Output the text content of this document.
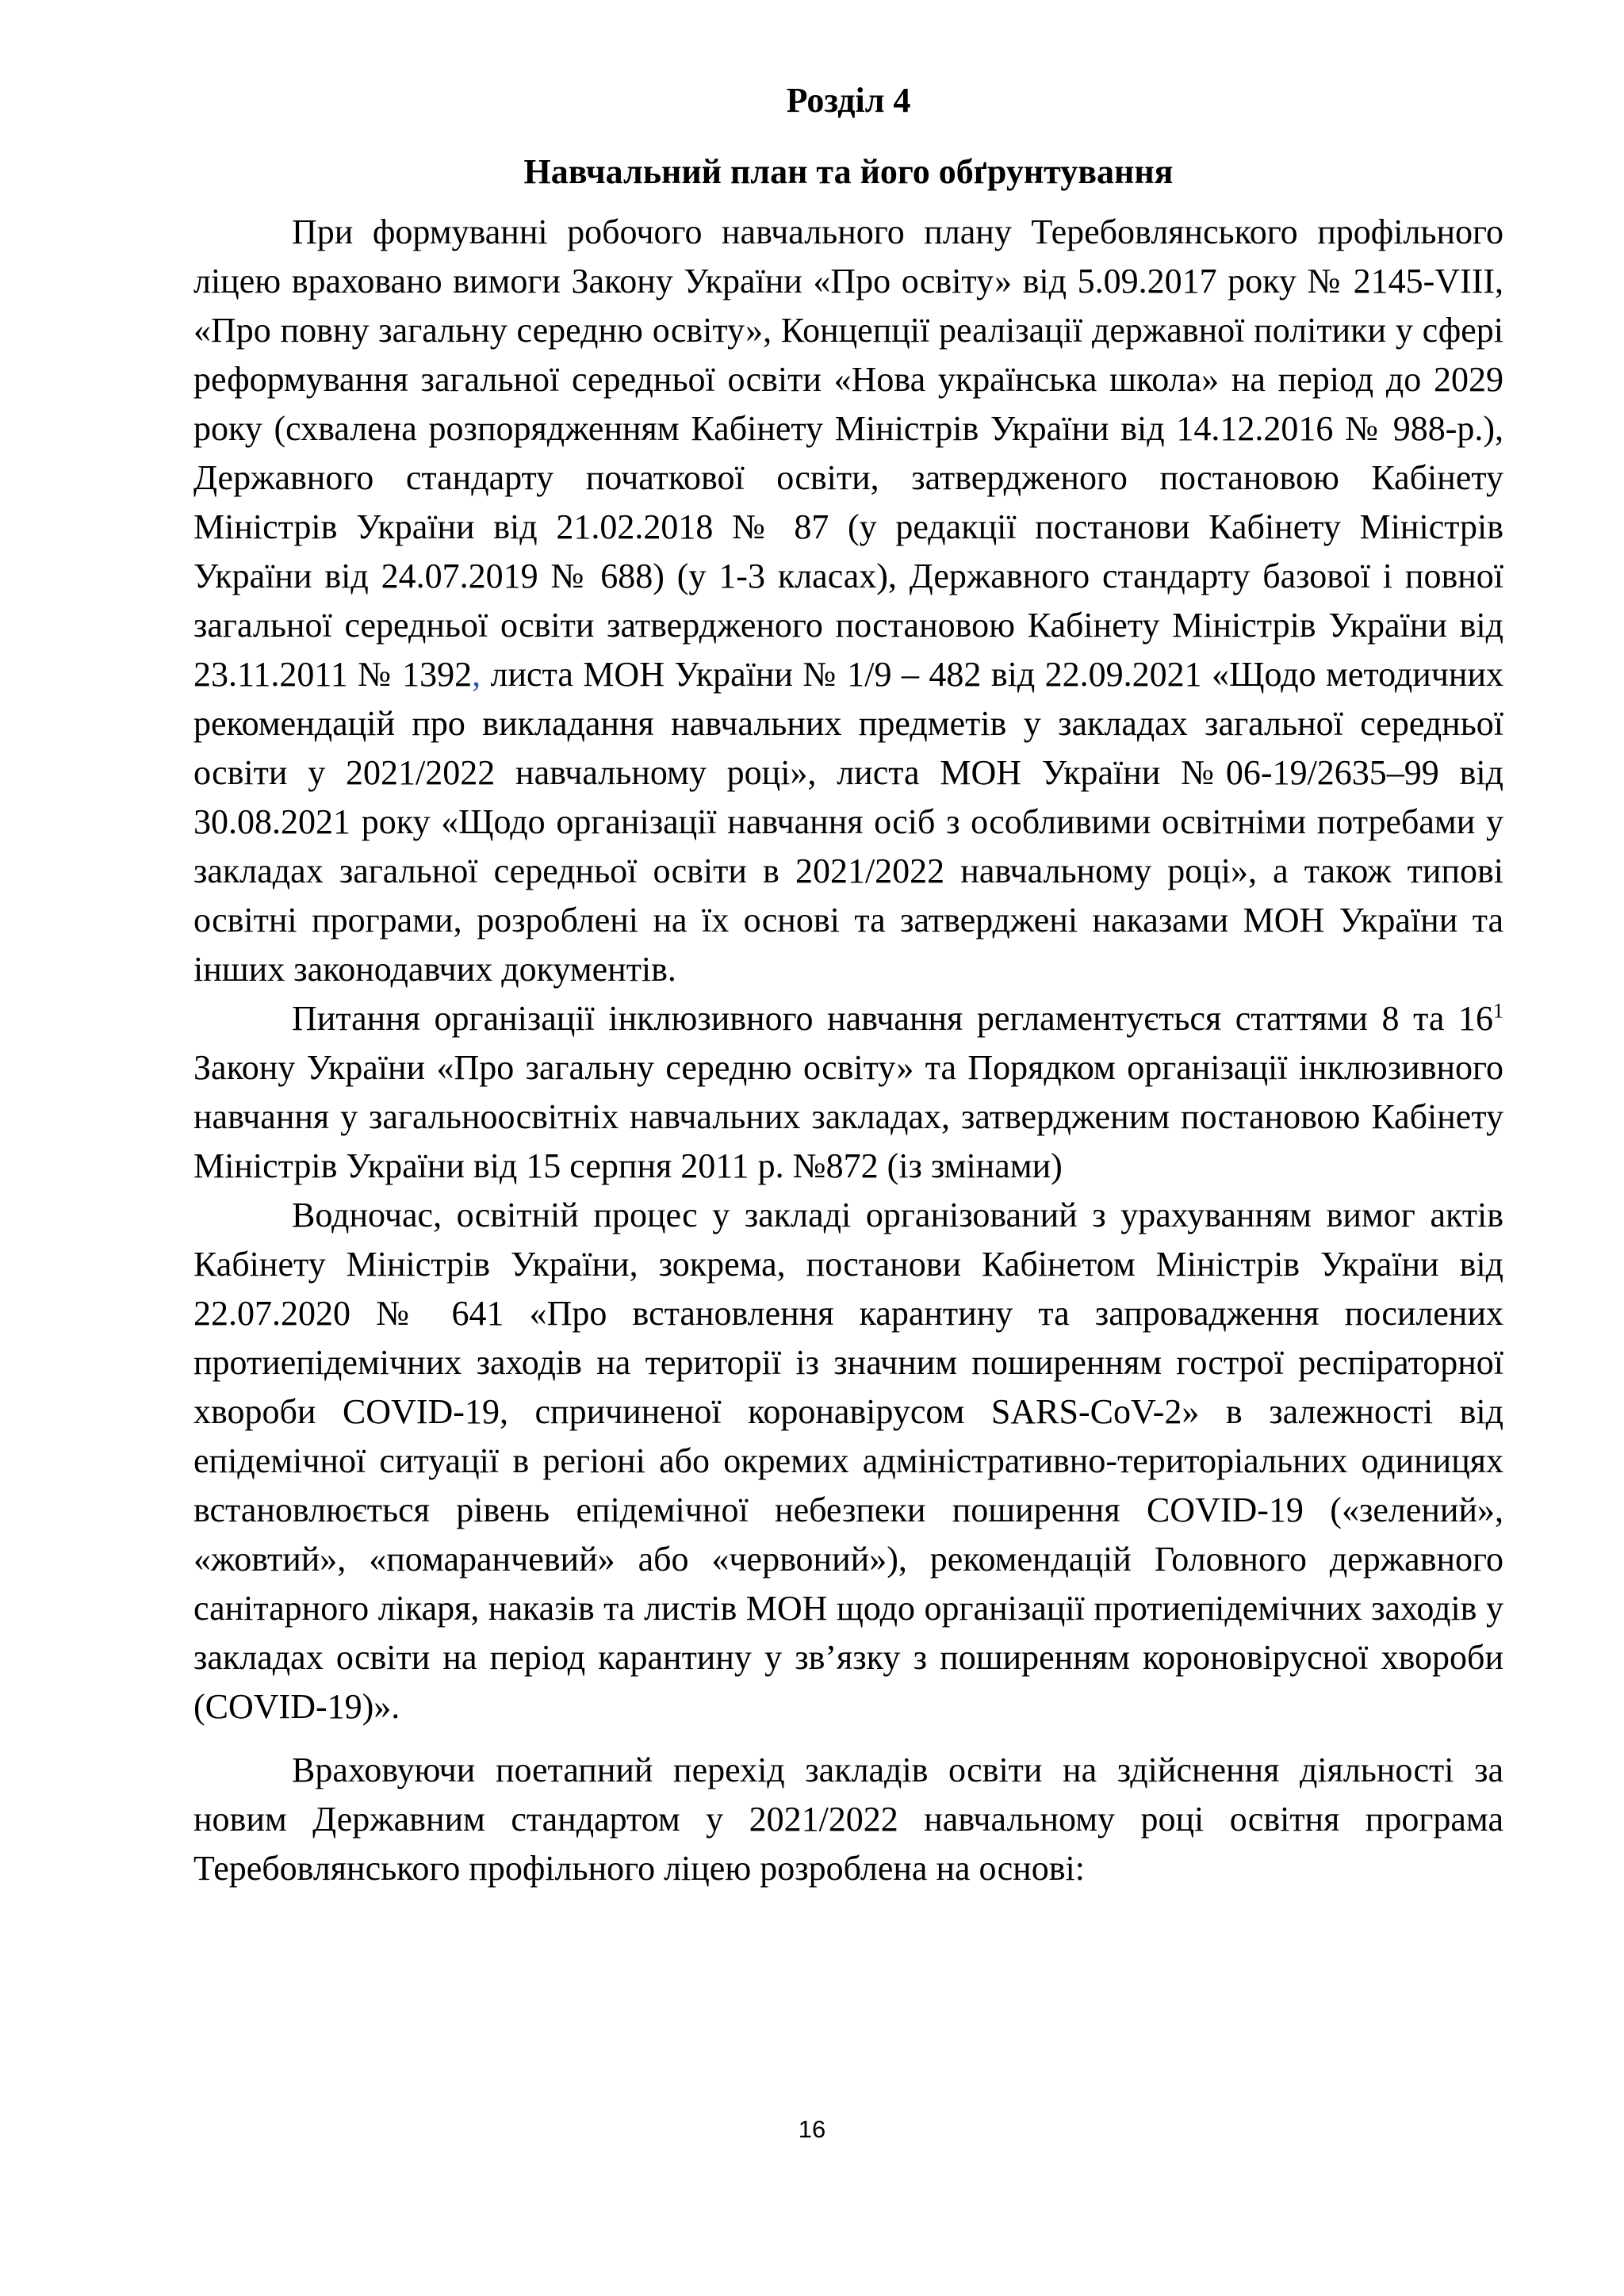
Розділ 4
Навчальний план та його обґрунтування

При формуванні робочого навчального плану Теребовлянського профільного ліцею враховано вимоги Закону України «Про освіту» від 5.09.2017 року № 2145-VIII, «Про повну загальну середню освіту», Концепції реалізації державної політики у сфері реформування загальної середньої освіти «Нова українська школа» на період до 2029 року (схвалена розпорядженням Кабінету Міністрів України від 14.12.2016 № 988-р.), Державного стандарту початкової освіти, затвердженого постановою Кабінету Міністрів України від 21.02.2018 № 87 (у редакції постанови Кабінету Міністрів України від 24.07.2019 № 688) (у 1-3 класах), Державного стандарту базової і повної загальної середньої освіти затвердженого постановою Кабінету Міністрів України від 23.11.2011 № 1392, листа МОН України № 1/9 – 482 від 22.09.2021 «Щодо методичних рекомендацій про викладання навчальних предметів у закладах загальної середньої освіти у 2021/2022 навчальному році», листа МОН України №06-19/2635–99 від 30.08.2021 року «Щодо організації навчання осіб з особливими освітніми потребами у закладах загальної середньої освіти в 2021/2022 навчальному році», а також типові освітні програми, розроблені на їх основі та затверджені наказами МОН України та інших законодавчих документів.

Питання організації інклюзивного навчання регламентується статтями 8 та $16^1$ Закону України «Про загальну середню освіту» та Порядком організації інклюзивного навчання у загальноосвітніх навчальних закладах, затвердженим постановою Кабінету Міністрів України від 15 серпня 2011 р. №872 (із змінами)

Водночас, освітній процес у закладі організований з урахуванням вимог актів Кабінету Міністрів України, зокрема, постанови Кабінетом Міністрів України від 22.07.2020 № 641 «Про встановлення карантину та запровадження посилених протиепідемічних заходів на території із значним поширенням гострої респіраторної хвороби COVID-19, спричиненої коронавірусом SARS-CoV-2» в залежності від епідемічної ситуації в регіоні або окремих адміністративно-територіальних одиницях встановлюється рівень епідемічної небезпеки поширення COVID-19 («зелений», «жовтий», «помаранчевий» або «червоний»), рекомендацій Головного державного санітарного лікаря, наказів та листів МОН щодо організації протиепідемічних заходів у закладах освіти на період карантину у зв’язку з поширенням короновірусної хвороби (COVID-19)».

Враховуючи поетапний перехід закладів освіти на здійснення діяльності за новим Державним стандартом у 2021/2022 навчальному році освітня програма Теребовлянського профільного ліцею розроблена на основі:

16
